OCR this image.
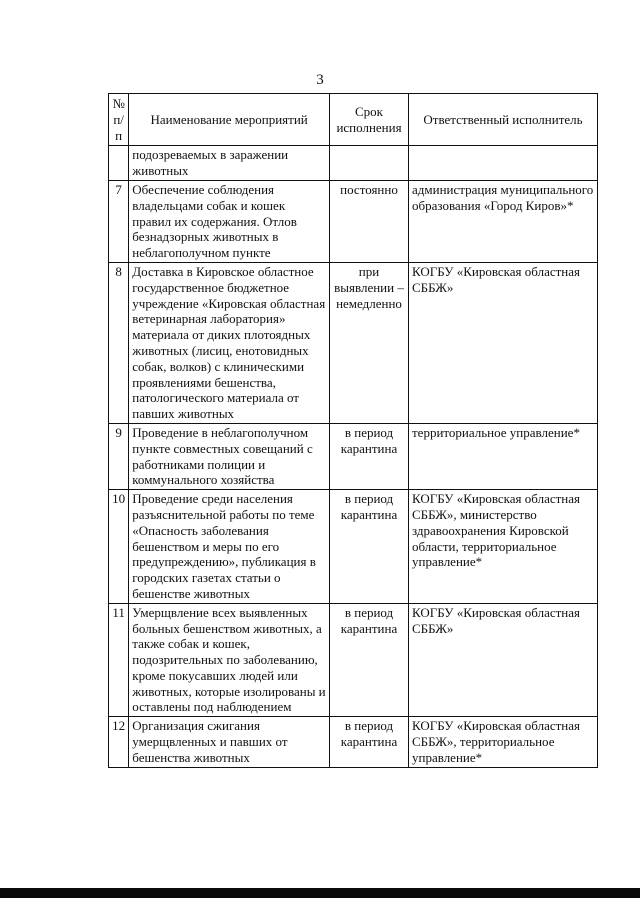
3
№ п/п	Наименование мероприятий	Срок исполнения	Ответственный исполнитель
	подозреваемых в заражении животных		
7	Обеспечение соблюдения владельцами собак и кошек правил их содержания. Отлов безнадзорных животных в неблагополучном пункте	постоянно	администрация муниципального образования «Город Киров»*
8	Доставка в Кировское областное государственное бюджетное учреждение «Кировская областная ветеринарная лаборатория» материала от диких плотоядных животных (лисиц, енотовидных собак, волков) с клиническими проявлениями бешенства, патологического материала от павших животных	при выявлении – немедленно	КОГБУ «Кировская областная СББЖ»
9	Проведение в неблагополучном пункте совместных совещаний с работниками полиции и коммунального хозяйства	в период карантина	территориальное управление*
10	Проведение среди населения разъяснительной работы по теме «Опасность заболевания бешенством и меры по его предупреждению», публикация в городских газетах статьи о бешенстве животных	в период карантина	КОГБУ «Кировская областная СББЖ», министерство здравоохранения Кировской области, территориальное управление*
11	Умерщвление всех выявленных больных бешенством животных, а также собак и кошек, подозрительных по заболеванию, кроме покусавших людей или животных, которые изолированы и оставлены под наблюдением	в период карантина	КОГБУ «Кировская областная СББЖ»
12	Организация сжигания умерщвленных и павших от бешенства животных	в период карантина	КОГБУ «Кировская областная СББЖ», территориальное управление*
